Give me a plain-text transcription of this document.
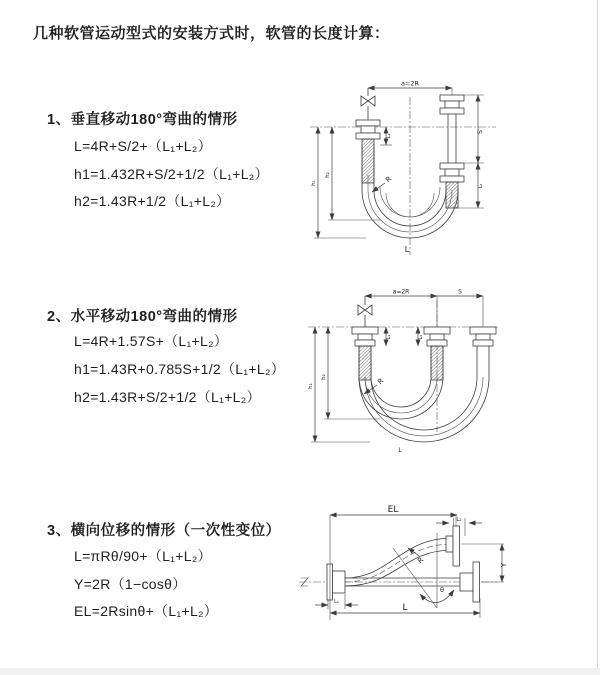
几种软管运动型式的安装方式时，软管的长度计算：
1、垂直移动180°弯曲的情形
L=4R+S/2+（L₁+L₂）
h1=1.432R+S/2+1/2（L₁+L₂）
h2=1.43R+1/2（L₁+L₂）
2、水平移动180°弯曲的情形
L=4R+1.57S+（L₁+L₂）
h1=1.43R+0.785S+1/2（L₁+L₂）
h2=1.43R+S/2+1/2（L₁+L₂）
3、横向位移的情形（一次性变位）
L=πRθ/90+（L₁+L₂）
Y=2R（1−cosθ）
EL=2Rsinθ+（L₁+L₂）
a=2R
S
L₂
L₁
h₁
h₂	R
L
a=2R	S
L₁	L₂
h₁
h₂	R
L
EL
L₂
Y
θ
R
L
L₁
